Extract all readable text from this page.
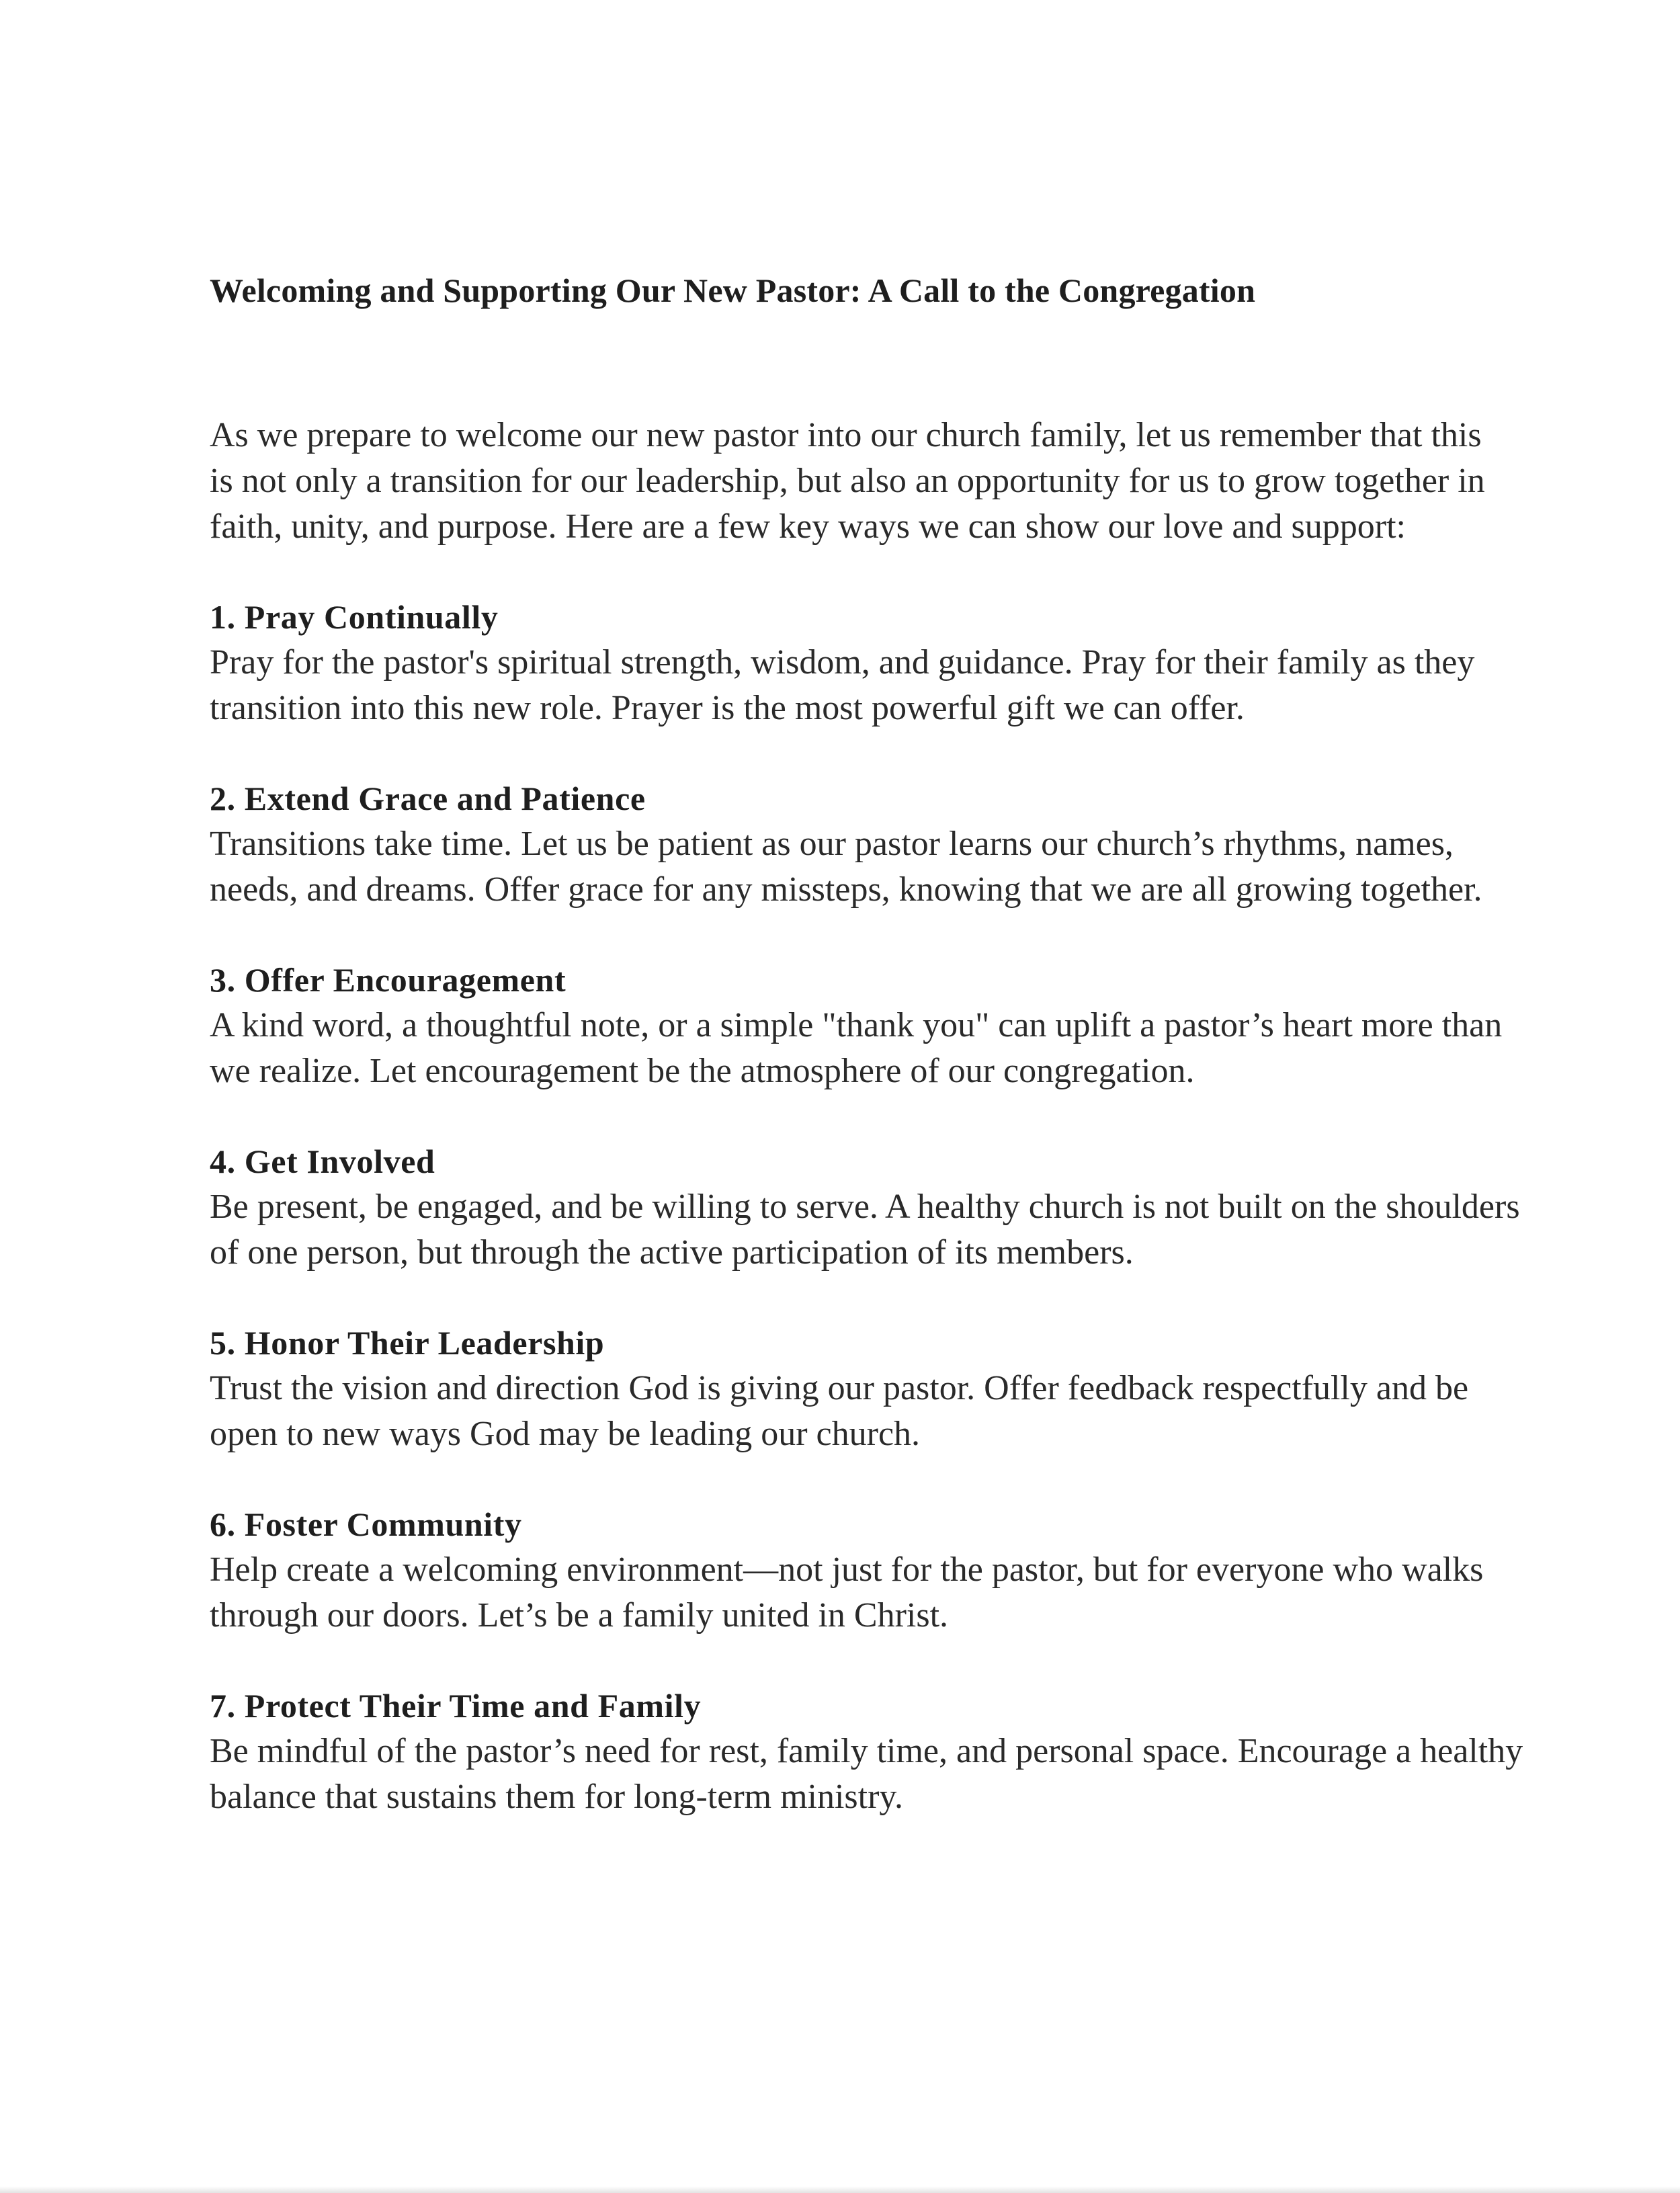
Welcoming and Supporting Our New Pastor: A Call to the Congregation

As we prepare to welcome our new pastor into our church family, let us remember that this is not only a transition for our leadership, but also an opportunity for us to grow together in faith, unity, and purpose. Here are a few key ways we can show our love and support:

1. Pray Continually

Pray for the pastor's spiritual strength, wisdom, and guidance. Pray for their family as they transition into this new role. Prayer is the most powerful gift we can offer.

2. Extend Grace and Patience

Transitions take time. Let us be patient as our pastor learns our church’s rhythms, names, needs, and dreams. Offer grace for any missteps, knowing that we are all growing together.

3. Offer Encouragement

A kind word, a thoughtful note, or a simple "thank you" can uplift a pastor’s heart more than we realize. Let encouragement be the atmosphere of our congregation.

4. Get Involved

Be present, be engaged, and be willing to serve. A healthy church is not built on the shoulders of one person, but through the active participation of its members.

5. Honor Their Leadership

Trust the vision and direction God is giving our pastor. Offer feedback respectfully and be open to new ways God may be leading our church.

6. Foster Community

Help create a welcoming environment—not just for the pastor, but for everyone who walks through our doors. Let’s be a family united in Christ.

7. Protect Their Time and Family

Be mindful of the pastor’s need for rest, family time, and personal space. Encourage a healthy balance that sustains them for long-term ministry.
